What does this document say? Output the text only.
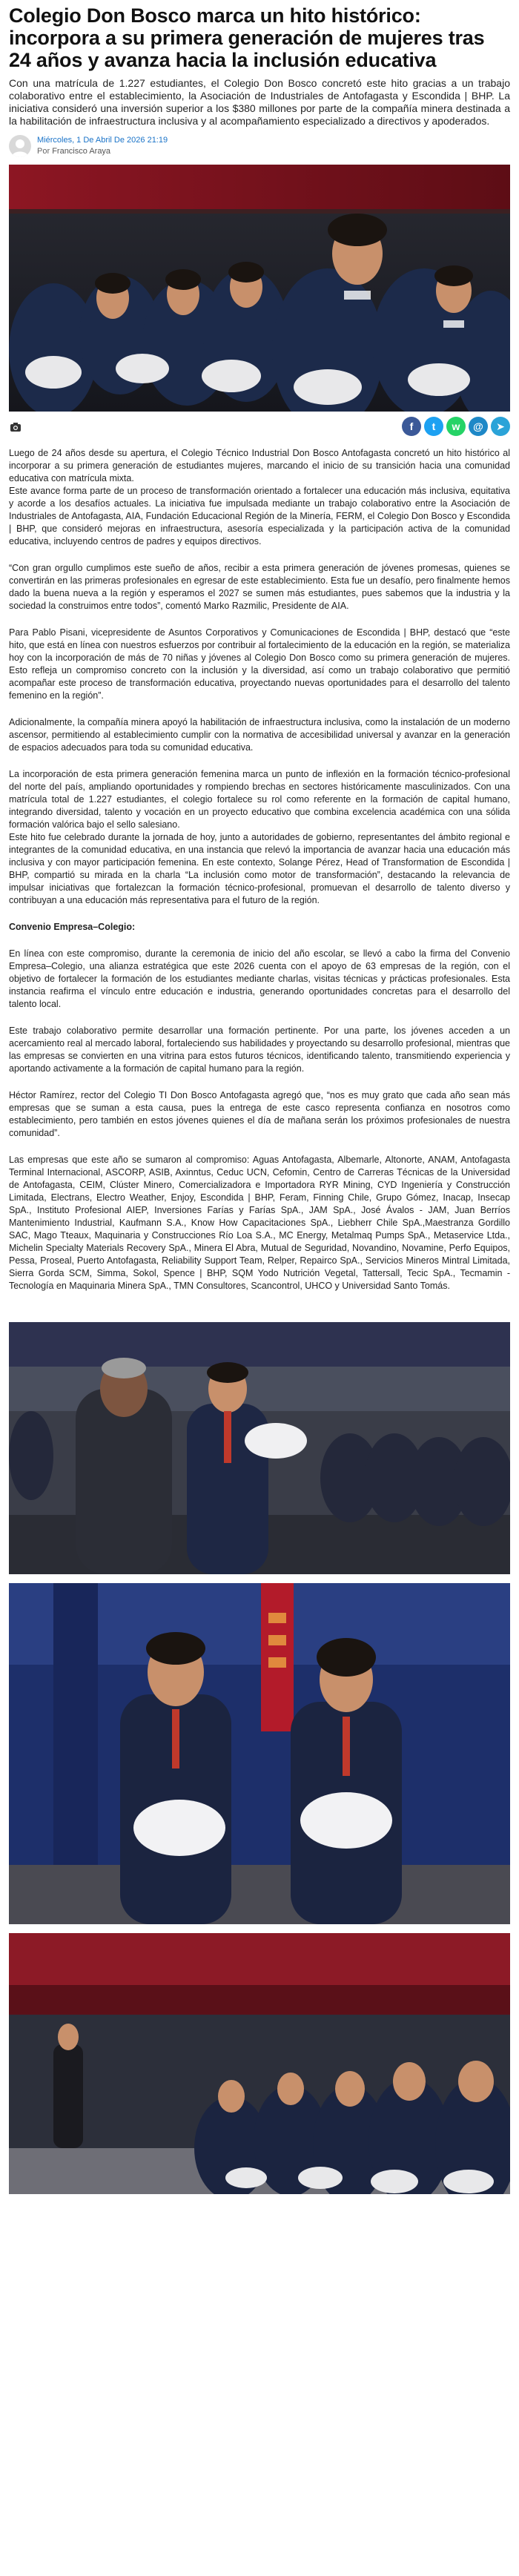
Colegio Don Bosco marca un hito histórico: incorpora a su primera generación de mujeres tras 24 años y avanza hacia la inclusión educativa

Con una matrícula de 1.227 estudiantes, el Colegio Don Bosco concretó este hito gracias a un trabajo colaborativo entre el establecimiento, la Asociación de Industriales de Antofagasta y Escondida | BHP. La iniciativa consideró una inversión superior a los $380 millones por parte de la compañía minera destinada a la habilitación de infraestructura inclusiva y al acompañamiento especializado a directivos y apoderados.

Miércoles, 1 De Abril De 2026 21:19
Por Francisco Araya
f t w @ ➤

Luego de 24 años desde su apertura, el Colegio Técnico Industrial Don Bosco Antofagasta concretó un hito histórico al incorporar a su primera generación de estudiantes mujeres, marcando el inicio de su transición hacia una comunidad educativa con matrícula mixta.

Este avance forma parte de un proceso de transformación orientado a fortalecer una educación más inclusiva, equitativa y acorde a los desafíos actuales. La iniciativa fue impulsada mediante un trabajo colaborativo entre la Asociación de Industriales de Antofagasta, AIA, Fundación Educacional Región de la Minería, FERM, el Colegio Don Bosco y Escondida | BHP, que consideró mejoras en infraestructura, asesoría especializada y la participación activa de la comunidad educativa, incluyendo centros de padres y equipos directivos.

“Con gran orgullo cumplimos este sueño de años, recibir a esta primera generación de jóvenes promesas, quienes se convertirán en las primeras profesionales en egresar de este establecimiento. Esta fue un desafío, pero finalmente hemos dado la buena nueva a la región y esperamos el 2027 se sumen más estudiantes, pues sabemos que la industria y la sociedad la construimos entre todos”, comentó Marko Razmilic, Presidente de AIA.

Para Pablo Pisani, vicepresidente de Asuntos Corporativos y Comunicaciones de Escondida | BHP, destacó que “este hito, que está en línea con nuestros esfuerzos por contribuir al fortalecimiento de la educación en la región, se materializa hoy con la incorporación de más de 70 niñas y jóvenes al Colegio Don Bosco como su primera generación de mujeres. Esto refleja un compromiso concreto con la inclusión y la diversidad, así como un trabajo colaborativo que permitió acompañar este proceso de transformación educativa, proyectando nuevas oportunidades para el desarrollo del talento femenino en la región”.

Adicionalmente, la compañía minera apoyó la habilitación de infraestructura inclusiva, como la instalación de un moderno ascensor, permitiendo al establecimiento cumplir con la normativa de accesibilidad universal y avanzar en la generación de espacios adecuados para toda su comunidad educativa.

La incorporación de esta primera generación femenina marca un punto de inflexión en la formación técnico-profesional del norte del país, ampliando oportunidades y rompiendo brechas en sectores históricamente masculinizados. Con una matrícula total de 1.227 estudiantes, el colegio fortalece su rol como referente en la formación de capital humano, integrando diversidad, talento y vocación en un proyecto educativo que combina excelencia académica con una sólida formación valórica bajo el sello salesiano.

Este hito fue celebrado durante la jornada de hoy, junto a autoridades de gobierno, representantes del ámbito regional e integrantes de la comunidad educativa, en una instancia que relevó la importancia de avanzar hacia una educación más inclusiva y con mayor participación femenina. En este contexto, Solange Pérez, Head of Transformation de Escondida | BHP, compartió su mirada en la charla “La inclusión como motor de transformación”, destacando la relevancia de impulsar iniciativas que fortalezcan la formación técnico-profesional, promuevan el desarrollo de talento diverso y contribuyan a una educación más representativa para el futuro de la región.

Convenio Empresa–Colegio:

En línea con este compromiso, durante la ceremonia de inicio del año escolar, se llevó a cabo la firma del Convenio Empresa–Colegio, una alianza estratégica que este 2026 cuenta con el apoyo de 63 empresas de la región, con el objetivo de fortalecer la formación de los estudiantes mediante charlas, visitas técnicas y prácticas profesionales. Esta instancia reafirma el vínculo entre educación e industria, generando oportunidades concretas para el desarrollo del talento local.

Este trabajo colaborativo permite desarrollar una formación pertinente. Por una parte, los jóvenes acceden a un acercamiento real al mercado laboral, fortaleciendo sus habilidades y proyectando su desarrollo profesional, mientras que las empresas se convierten en una vitrina para estos futuros técnicos, identificando talento, transmitiendo experiencia y aportando activamente a la formación de capital humano para la región.

Héctor Ramírez, rector del Colegio TI Don Bosco Antofagasta agregó que, “nos es muy grato que cada año sean más empresas que se suman a esta causa, pues la entrega de este casco representa confianza en nosotros como establecimiento, pero también en estos jóvenes quienes el día de mañana serán los próximos profesionales de nuestra comunidad”.

Las empresas que este año se sumaron al compromiso: Aguas Antofagasta, Albemarle, Altonorte, ANAM, Antofagasta Terminal Internacional, ASCORP, ASIB, Axinntus, Ceduc UCN, Cefomin, Centro de Carreras Técnicas de la Universidad de Antofagasta, CEIM, Clúster Minero, Comercializadora e Importadora RYR Mining, CYD Ingeniería y Construcción Limitada, Electrans, Electro Weather, Enjoy, Escondida | BHP, Feram, Finning Chile, Grupo Gómez, Inacap, Insecap SpA., Instituto Profesional AIEP, Inversiones Farías y Farías SpA., JAM SpA., José Ávalos - JAM, Juan Berríos Mantenimiento Industrial, Kaufmann S.A., Know How Capacitaciones SpA., Liebherr Chile SpA.,Maestranza Gordillo SAC, Mago Tteaux, Maquinaria y Construcciones Río Loa S.A., MC Energy, Metalmaq Pumps SpA., Metaservice Ltda., Michelin Specialty Materials Recovery SpA., Minera El Abra, Mutual de Seguridad, Novandino, Novamine, Perfo Equipos, Pessa, Proseal, Puerto Antofagasta, Reliability Support Team, Relper, Repairco SpA., Servicios Mineros Mintral Limitada, Sierra Gorda SCM, Simma, Sokol, Spence | BHP, SQM Yodo Nutrición Vegetal, Tattersall, Tecic SpA., Tecmamin - Tecnología en Maquinaria Minera SpA., TMN Consultores, Scancontrol, UHCO y Universidad Santo Tomás.
